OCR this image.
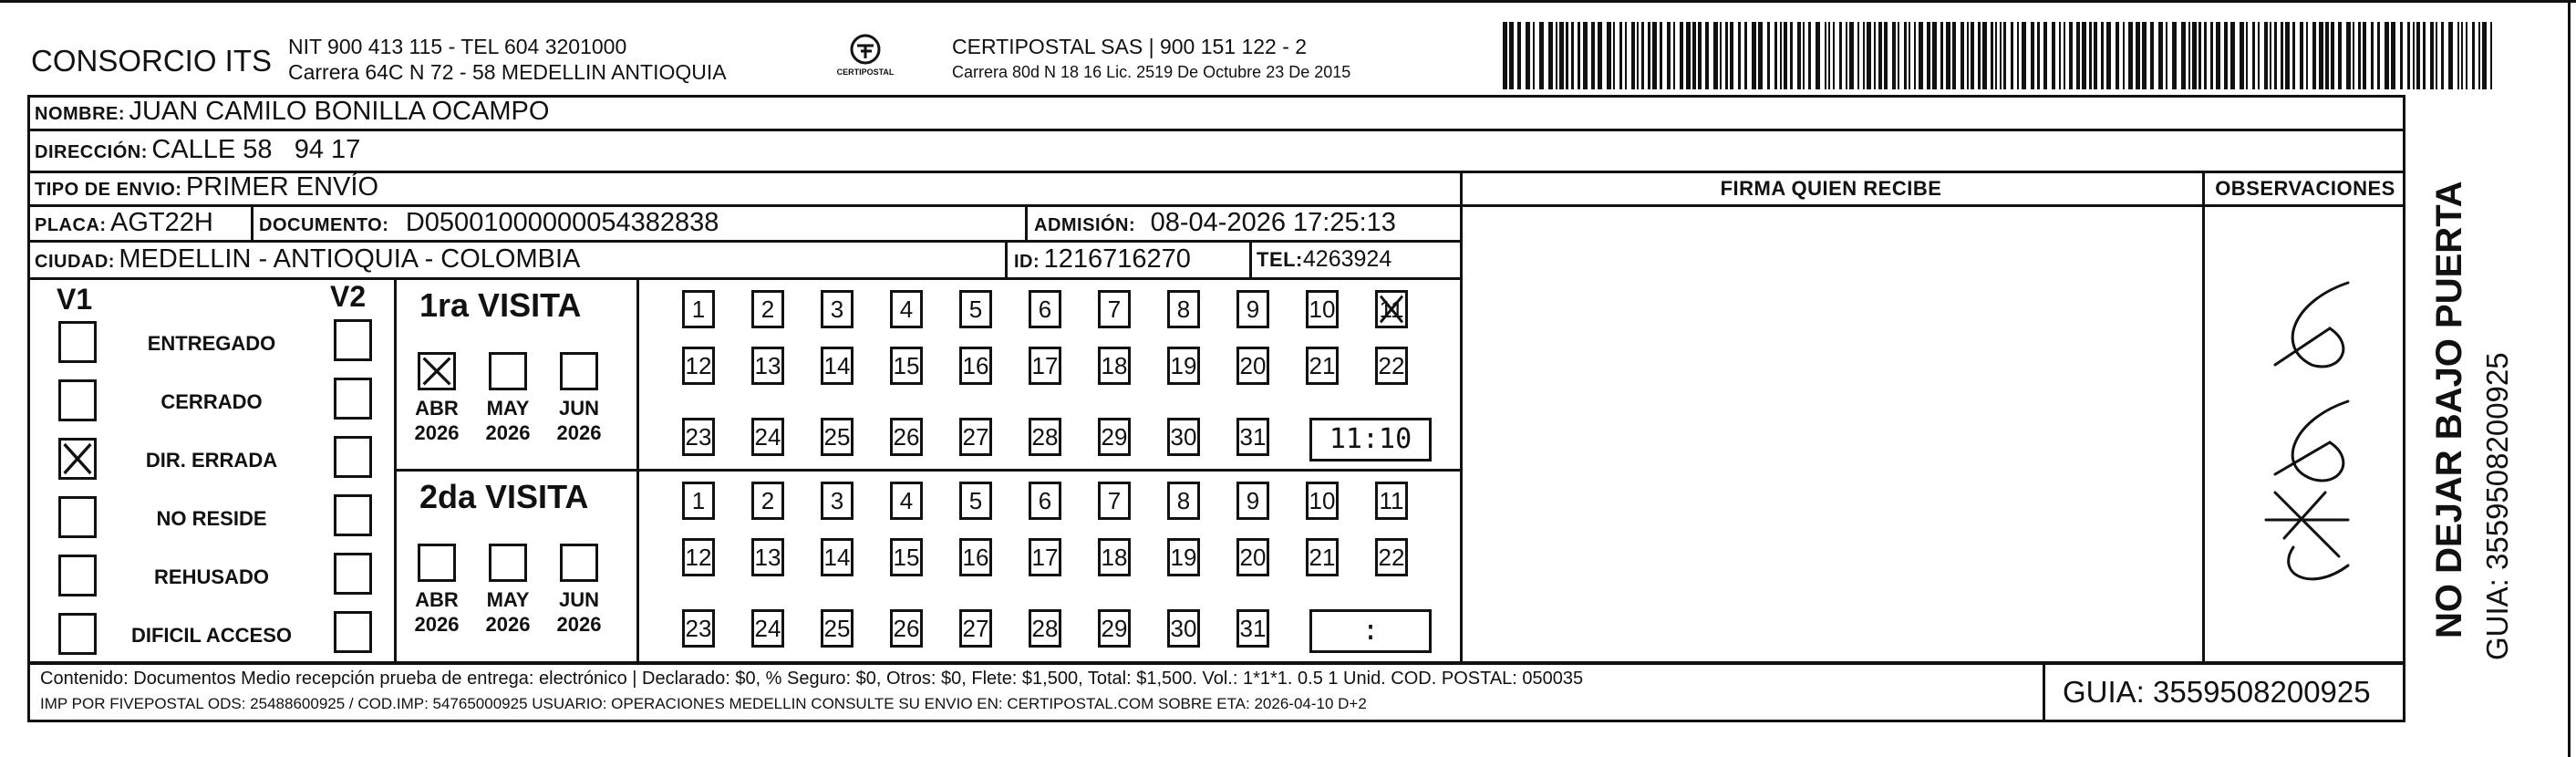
CONSORCIO ITS NIT 900 413 115 - TEL 604 3201000
Carrera 64C N 72 - 58 MEDELLIN ANTIOQUIA	CERTIPOSTAL
CERTIPOSTAL SAS | 900 151 122 - 2
Carrera 80d N 18 16 Lic. 2519 De Octubre 23 De 2015
NOMBRE: JUAN CAMILO BONILLA OCAMPO
DIRECCIÓN: CALLE 58   94 17
TIPO DE ENVIO: PRIMER ENVÍO
PLACA: AGT22H	DOCUMENTO: D05001000000054382838	ADMISIÓN: 08-04-2026 17:25:13
CIUDAD: MEDELLIN - ANTIOQUIA - COLOMBIA	ID: 1216716270	TEL:4263924
FIRMA QUIEN RECIBE	OBSERVACIONES
GUIA: 3559508200925
NO DEJAR BAJO PUERTA
V1	V2
ENTREGADO
CERRADO
DIR. ERRADA
NO RESIDE
REHUSADO
DIFICIL ACCESO
1ra VISITA
ABR
2026
MAY
2026
JUN
2026
1	2	3	4	5	6	7	8	9	10 11
12 13 14 15 16 17 18 19 20 21 22
23 24 25 26 27 28 29 30 31	11:10
2da VISITA
ABR
2026
MAY
2026
JUN
2026
1	2	3	4	5	6	7	8	9	10 11
12 13 14 15 16 17 18 19 20 21 22
23 24 25 26 27 28 29 30 31	:
Contenido: Documentos Medio recepción prueba de entrega: electrónico | Declarado: $0, % Seguro: $0, Otros: $0, Flete: $1,500, Total: $1,500. Vol.: 1*1*1. 0.5 1 Unid. COD. POSTAL: 050035
IMP POR FIVEPOSTAL ODS: 25488600925 / COD.IMP: 54765000925 USUARIO: OPERACIONES MEDELLIN CONSULTE SU ENVIO EN: CERTIPOSTAL.COM SOBRE ETA: 2026-04-10 D+2	GUIA: 3559508200925
